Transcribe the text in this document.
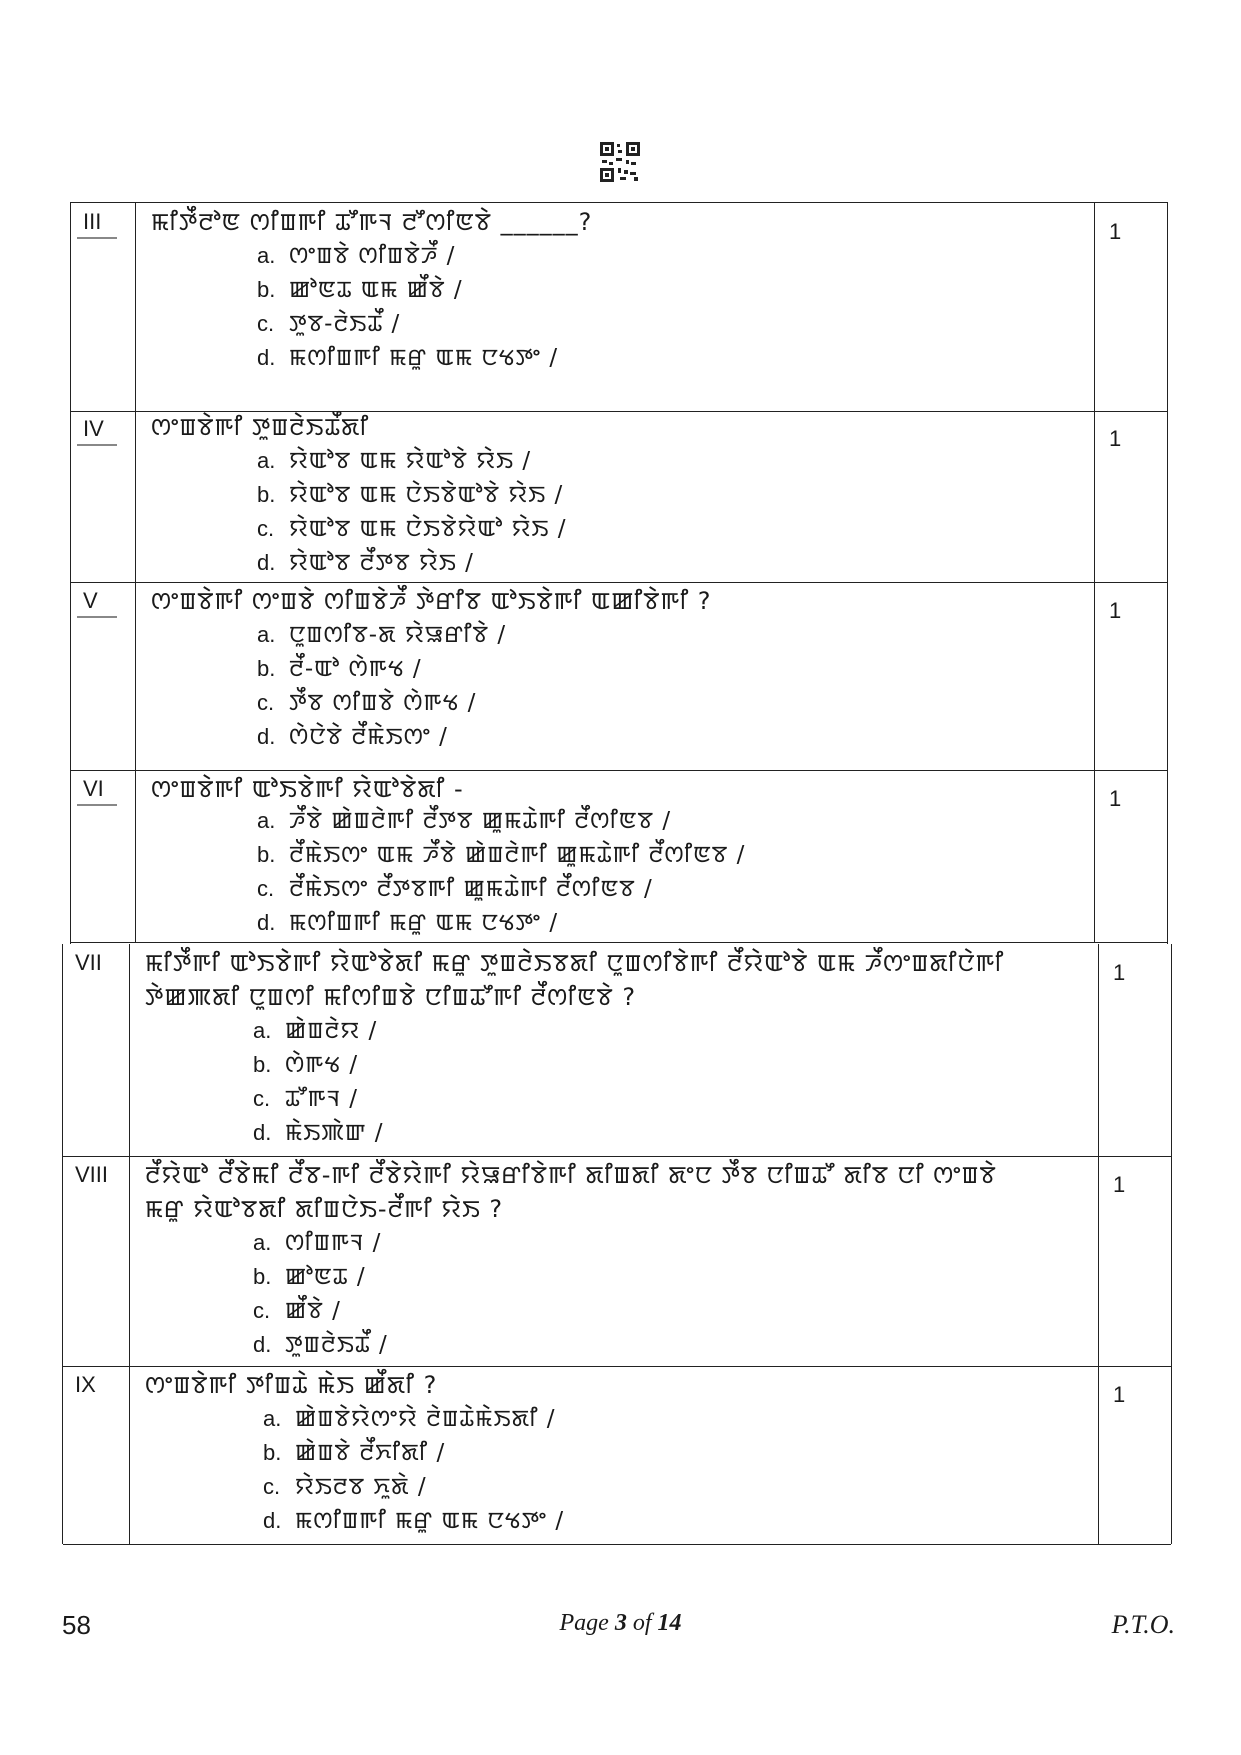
III ꯃꯤꯇꯩꯂꯣꯟ ꯁꯤꯡꯒꯤ ꯊꯧꯒꯜ ꯂꯧꯁꯤꯟꯕꯥ ______?
a. ꯁꯦꯡꯕꯥ ꯁꯤꯡꯕꯥꯍꯩ /
b. ꯀꯣꯟꯊ ꯑꯃ ꯀꯩꯕꯥ /
c. ꯇꯨꯕ-ꯂꯥꯏꯊꯩ /
d. ꯃꯁꯤꯡꯒꯤ ꯃꯔꯨ ꯑꯃ ꯅꯠꯇꯦ /
1
IV ꯁꯦꯡꯕꯥꯒꯤ ꯇꯨꯡꯂꯥꯏꯊꯩꯗꯤ
a. ꯌꯥꯑꯣꯕ ꯑꯃ ꯌꯥꯑꯣꯕꯥ ꯌꯥꯏ /
b. ꯌꯥꯑꯣꯕ ꯑꯃ ꯅꯥꯏꯕꯥꯑꯣꯕꯥ ꯌꯥꯏ /
c. ꯌꯥꯑꯣꯕ ꯑꯃ ꯅꯥꯏꯕꯥꯌꯥꯑꯣ ꯌꯥꯏ /
d. ꯌꯥꯑꯣꯕ ꯂꯩꯇꯕ ꯌꯥꯏ /
1
V ꯁꯦꯡꯕꯥꯒꯤ ꯁꯦꯡꯕꯥ ꯁꯤꯡꯕꯥꯍꯩ ꯇꯥꯔꯤꯕ ꯑꯣꯏꯕꯥꯒꯤ ꯑꯀꯤꯕꯥꯒꯤ ?
a. ꯅꯨꯡꯁꯤꯕ-ꯗ ꯌꯥꯎꯔꯤꯕꯥ /
b. ꯂꯩ-ꯑꯣ ꯁꯥꯒꯠ /
c. ꯇꯩꯕ ꯁꯤꯡꯕꯥ ꯁꯥꯒꯠ /
d. ꯁꯥꯅꯥꯕꯥ ꯂꯩꯃꯥꯏꯁꯦ /
1
VI ꯁꯦꯡꯕꯥꯒꯤ ꯑꯣꯏꯕꯥꯒꯤ ꯌꯥꯑꯣꯕꯥꯗꯤ -
a. ꯍꯩꯕꯥ ꯀꯥꯡꯂꯥꯒꯤ ꯂꯩꯇꯕ ꯀꯨꯃꯊꯥꯒꯤ ꯂꯩꯁꯤꯟꯕ /
b. ꯂꯩꯃꯥꯏꯁꯦ ꯑꯃ ꯍꯩꯕꯥ ꯀꯥꯡꯂꯥꯒꯤ ꯀꯨꯃꯊꯥꯒꯤ ꯂꯩꯁꯤꯟꯕ /
c. ꯂꯩꯃꯥꯏꯁꯦ ꯂꯩꯇꯕꯒꯤ ꯀꯨꯃꯊꯥꯒꯤ ꯂꯩꯁꯤꯟꯕ /
d. ꯃꯁꯤꯡꯒꯤ ꯃꯔꯨ ꯑꯃ ꯅꯠꯇꯦ /
1
VII ꯃꯤꯇꯩꯒꯤ ꯑꯣꯏꯕꯥꯒꯤ ꯌꯥꯑꯣꯕꯥꯗꯤ ꯃꯔꯨ ꯇꯨꯡꯂꯥꯏꯕꯗꯤ ꯅꯨꯡꯁꯤꯕꯥꯒꯤ ꯂꯩꯌꯥꯑꯣꯕꯥ ꯑꯃ ꯍꯩꯁꯦꯡꯗꯤꯅꯥꯒꯤ ꯇꯥꯀꯄꯗꯤ ꯅꯨꯡꯁꯤ ꯃꯤꯁꯤꯡꯕꯥ ꯅꯤꯡꯊꯧꯒꯤ ꯂꯩꯁꯤꯟꯕꯥ ?
a. ꯀꯥꯡꯂꯥꯌ /
b. ꯁꯥꯒꯠ /
c. ꯊꯧꯒꯜ /
d. ꯃꯥꯏꯄꯥꯛ /
1
VIII ꯂꯩꯌꯥꯑꯣ ꯂꯩꯕꯥꯃꯤ ꯂꯩꯕ-ꯒꯤ ꯂꯩꯕꯥꯌꯥꯒꯤ ꯌꯥꯎꯔꯤꯕꯥꯒꯤ ꯗꯤꯡꯗꯤ ꯗꯦꯅ ꯇꯩꯕ ꯅꯤꯡꯊꯧ ꯗꯤꯕ ꯅꯤ ꯁꯦꯡꯕꯥ ꯃꯔꯨ ꯌꯥꯑꯣꯕꯗꯤ ꯗꯤꯡꯅꯥꯏ-ꯂꯩꯒꯤ ꯌꯥꯏ ?
a. ꯁꯤꯡꯒꯜ /
b. ꯀꯣꯟꯊ /
c. ꯀꯩꯕꯥ /
d. ꯇꯨꯡꯂꯥꯏꯊꯩ /
1
IX ꯁꯦꯡꯕꯥꯒꯤ ꯇꯤꯡꯊꯥ ꯃꯥꯏ ꯀꯩꯗꯤ ?
a. ꯀꯥꯡꯕꯥꯌꯥꯁꯦꯌꯥ ꯂꯥꯡꯊꯥꯃꯥꯏꯗꯤ /
b. ꯀꯥꯡꯕꯥ ꯂꯩꯈꯤꯗꯤ /
c. ꯌꯥꯏꯂꯕ ꯈꯨꯗꯥ /
d. ꯃꯁꯤꯡꯒꯤ ꯃꯔꯨ ꯑꯃ ꯅꯠꯇꯦ /
1
58	Page 3 of 14	P.T.O.
